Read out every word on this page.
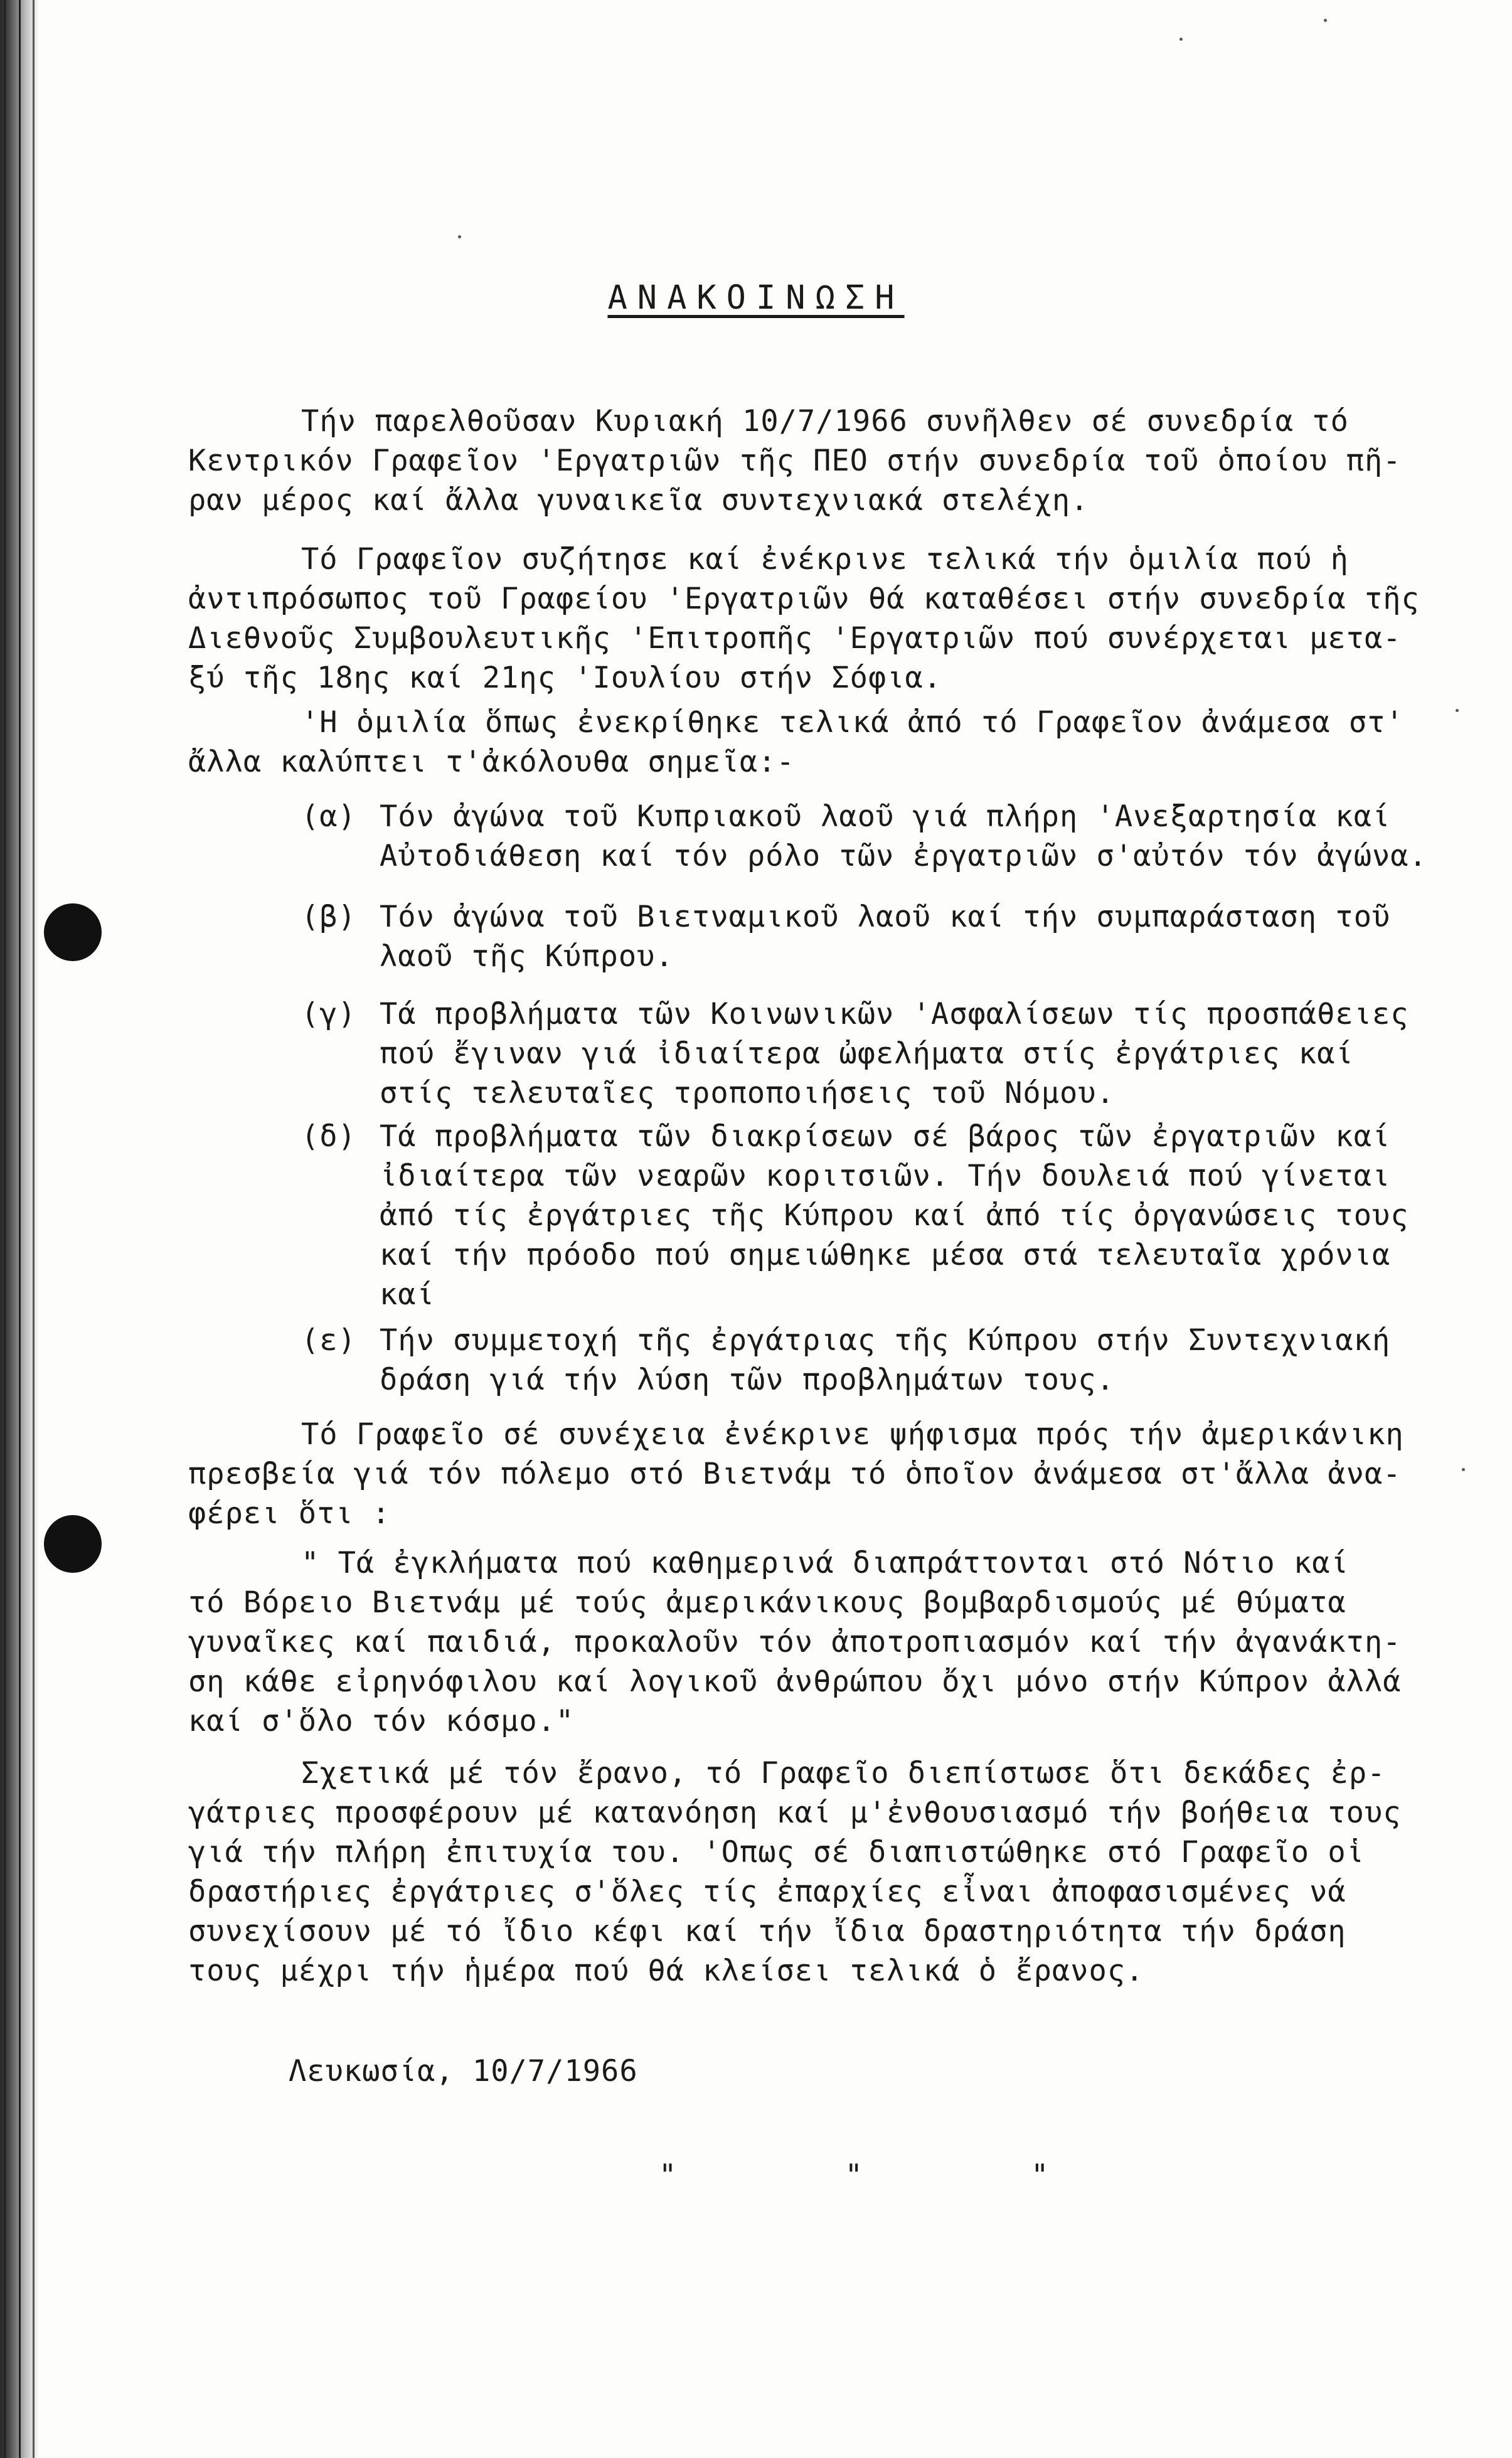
ΑΝΑΚΟΙΝΩΣΗ
Τήν παρελθοῦσαν Κυριακή 10/7/1966 συνῆλθεν σέ συνεδρία τό
Κεντρικόν Γραφεῖον 'Εργατριῶν τῆς ΠΕΟ στήν συνεδρία τοῦ ὁποίου πῆ-
ραν μέρος καί ἄλλα γυναικεῖα συντεχνιακά στελέχη.
Τό Γραφεῖον συζήτησε καί ἐνέκρινε τελικά τήν ὁμιλία πού ἡ
ἀντιπρόσωπος τοῦ Γραφείου 'Εργατριῶν θά καταθέσει στήν συνεδρία τῆς
Διεθνοῦς Συμβουλευτικῆς 'Επιτροπῆς 'Εργατριῶν πού συνέρχεται μετα-
ξύ τῆς 18ης καί 21ης 'Ιουλίου στήν Σόφια.
'Η ὁμιλία ὅπως ἐνεκρίθηκε τελικά ἀπό τό Γραφεῖον ἀνάμεσα στ'
ἄλλα καλύπτει τ'ἀκόλουθα σημεῖα:-
(α) Τόν ἀγώνα τοῦ Κυπριακοῦ λαοῦ γιά πλήρη 'Ανεξαρτησία καί
Αὐτοδιάθεση καί τόν ρόλο τῶν ἐργατριῶν σ'αὐτόν τόν ἀγώνα.
(β) Τόν ἀγώνα τοῦ Βιετναμικοῦ λαοῦ καί τήν συμπαράσταση τοῦ
λαοῦ τῆς Κύπρου.
(γ) Τά προβλήματα τῶν Κοινωνικῶν 'Ασφαλίσεων τίς προσπάθειες
πού ἔγιναν γιά ἰδιαίτερα ὠφελήματα στίς ἐργάτριες καί
στίς τελευταῖες τροποποιήσεις τοῦ Νόμου.
(δ) Τά προβλήματα τῶν διακρίσεων σέ βάρος τῶν ἐργατριῶν καί
ἰδιαίτερα τῶν νεαρῶν κοριτσιῶν. Τήν δουλειά πού γίνεται
ἀπό τίς ἐργάτριες τῆς Κύπρου καί ἀπό τίς ὀργανώσεις τους
καί τήν πρόοδο πού σημειώθηκε μέσα στά τελευταῖα χρόνια
καί
(ε) Τήν συμμετοχή τῆς ἐργάτριας τῆς Κύπρου στήν Συντεχνιακή
δράση γιά τήν λύση τῶν προβλημάτων τους.
Τό Γραφεῖο σέ συνέχεια ἐνέκρινε ψήφισμα πρός τήν ἀμερικάνικη
πρεσβεία γιά τόν πόλεμο στό Βιετνάμ τό ὁποῖον ἀνάμεσα στ'ἄλλα ἀνα-
φέρει ὅτι :
" Τά ἐγκλήματα πού καθημερινά διαπράττονται στό Νότιο καί
τό Βόρειο Βιετνάμ μέ τούς ἀμερικάνικους βομβαρδισμούς μέ θύματα
γυναῖκες καί παιδιά, προκαλοῦν τόν ἀποτροπιασμόν καί τήν ἀγανάκτη-
ση κάθε εἰρηνόφιλου καί λογικοῦ ἀνθρώπου ὄχι μόνο στήν Κύπρον ἀλλά
καί σ'ὅλο τόν κόσμο."
Σχετικά μέ τόν ἔρανο, τό Γραφεῖο διεπίστωσε ὅτι δεκάδες ἐρ-
γάτριες προσφέρουν μέ κατανόηση καί μ'ἐνθουσιασμό τήν βοήθεια τους
γιά τήν πλήρη ἐπιτυχία του. 'Οπως σέ διαπιστώθηκε στό Γραφεῖο οἱ
δραστήριες ἐργάτριες σ'ὅλες τίς ἐπαρχίες εἶναι ἀποφασισμένες νά
συνεχίσουν μέ τό ἴδιο κέφι καί τήν ἴδια δραστηριότητα τήν δράση
τους μέχρι τήν ἡμέρα πού θά κλείσει τελικά ὁ ἔρανος.
Λευκωσία, 10/7/1966
" " "
